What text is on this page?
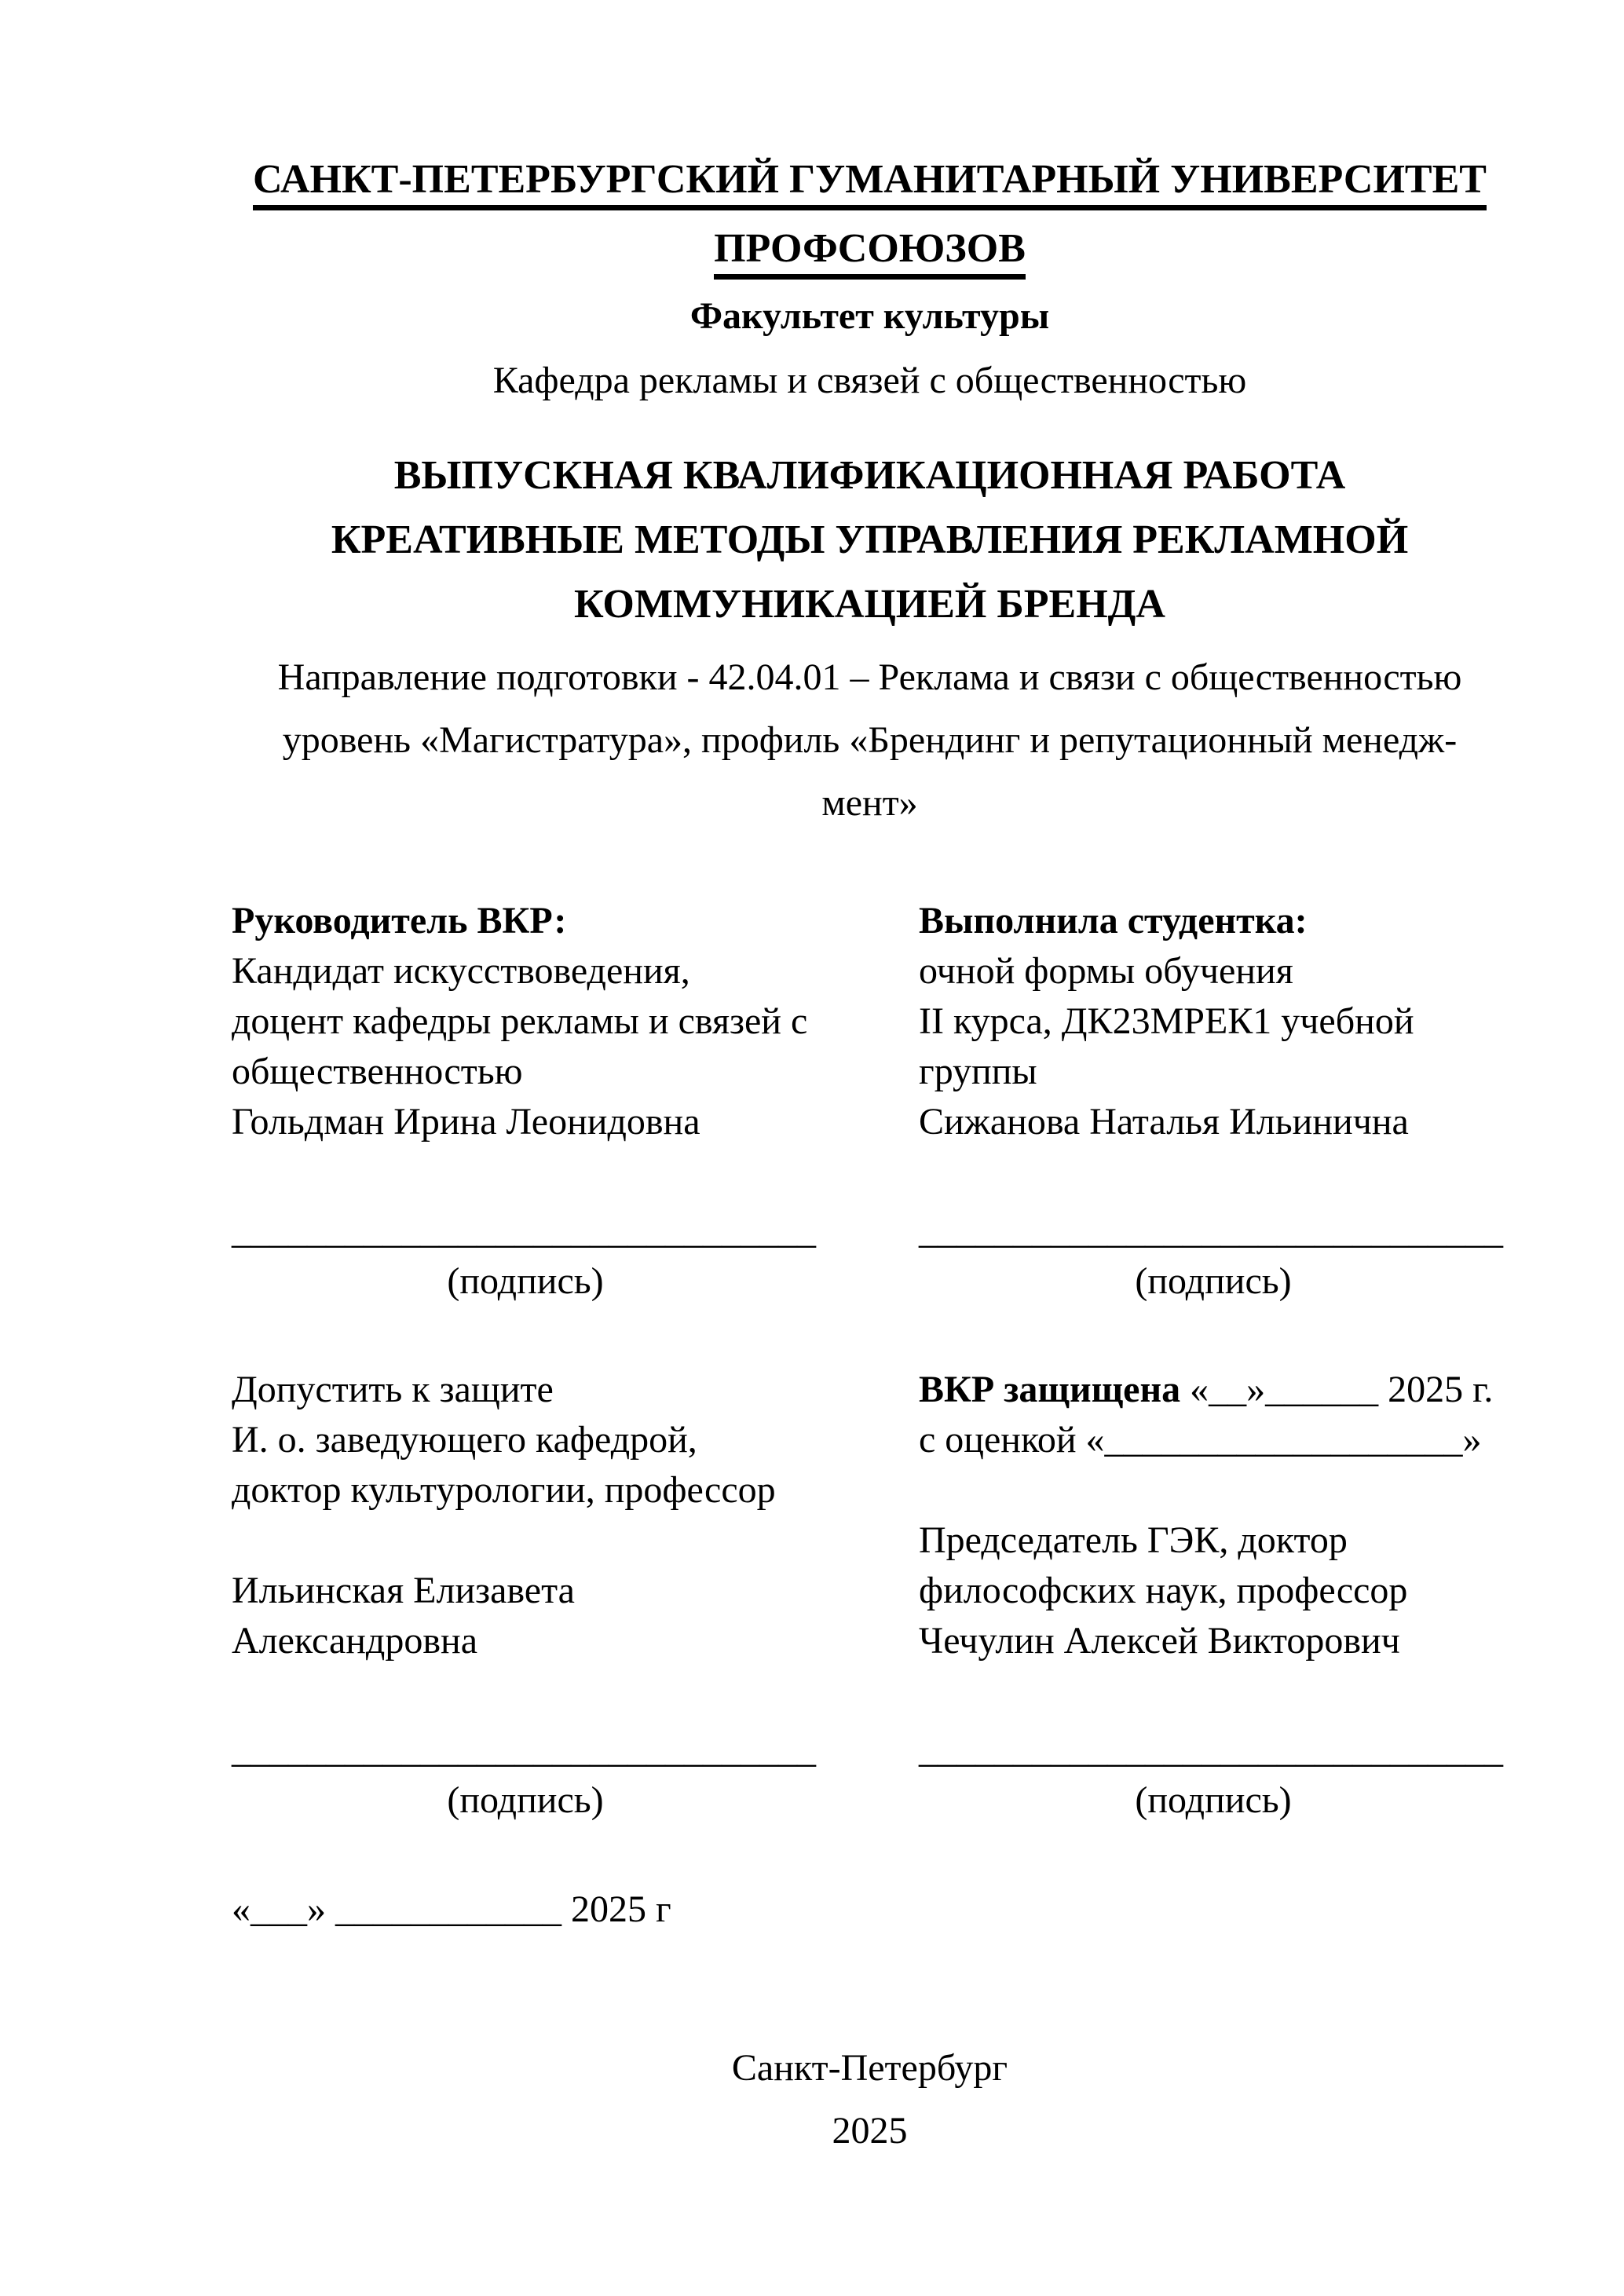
САНКТ-ПЕТЕРБУРГСКИЙ ГУМАНИТАРНЫЙ УНИВЕРСИТЕТ
ПРОФСОЮЗОВ
Факультет культуры
Кафедра рекламы и связей с общественностью
ВЫПУСКНАЯ КВАЛИФИКАЦИОННАЯ РАБОТА
КРЕАТИВНЫЕ МЕТОДЫ УПРАВЛЕНИЯ РЕКЛАМНОЙ
КОММУНИКАЦИЕЙ БРЕНДА
Направление подготовки - 42.04.01 – Реклама и связи с общественностью
уровень «Магистратура», профиль «Брендинг и репутационный менедж-
мент»
Руководитель ВКР:
Кандидат искусствоведения,
доцент кафедры рекламы и связей с
общественностью
Гольдман Ирина Леонидовна
Выполнила студентка:
очной формы обучения
II курса, ДК23МРЕК1 учебной
группы
Сижанова Наталья Ильинична
_______________________________
(подпись)
_______________________________
(подпись)
Допустить к защите
И. о. заведующего кафедрой,
доктор культурологии, профессор
Ильинская Елизавета
Александровна
ВКР защищена «__»______ 2025 г.
с оценкой «___________________»
Председатель ГЭК, доктор
философских наук, профессор
Чечулин Алексей Викторович
_______________________________
(подпись)
_______________________________
(подпись)
«___» ____________ 2025 г
Санкт-Петербург
2025
